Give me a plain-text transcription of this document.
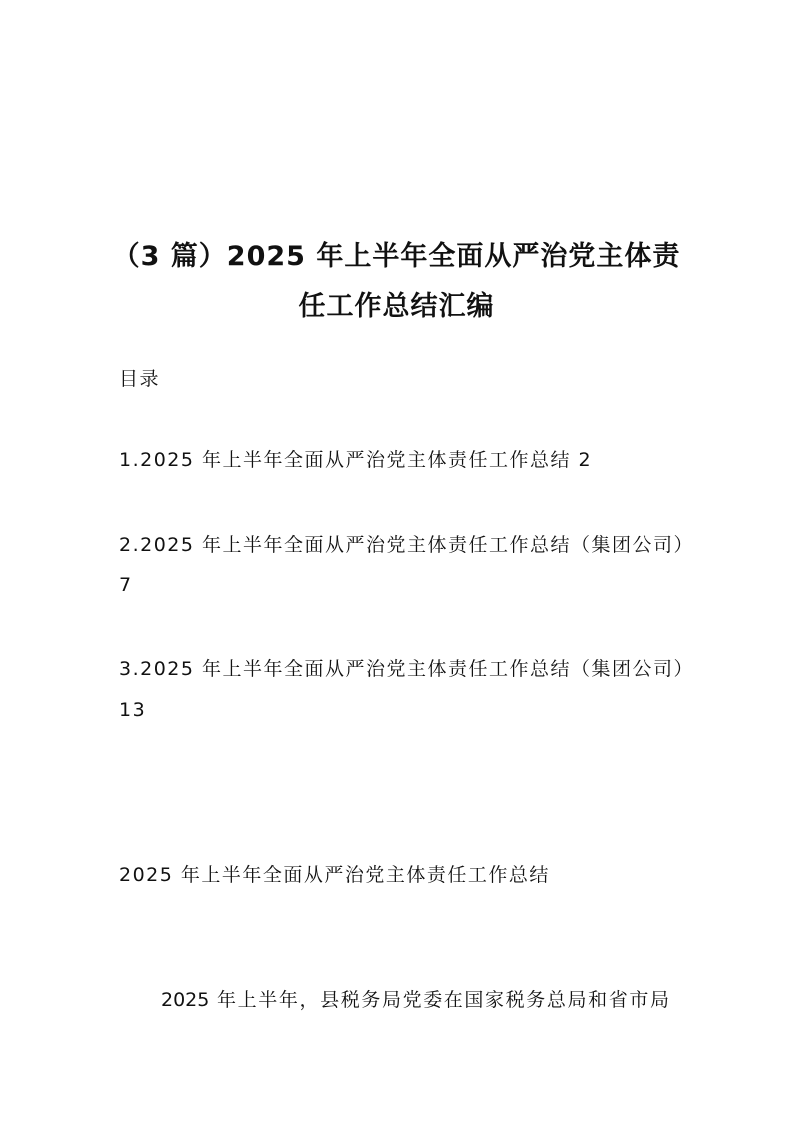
（3 篇）2025 年上半年全面从严治党主体责
任工作总结汇编
目录
1.2025 年上半年全面从严治党主体责任工作总结 2
2.2025 年上半年全面从严治党主体责任工作总结（集团公司）
7
3.2025 年上半年全面从严治党主体责任工作总结（集团公司）
13
2025 年上半年全面从严治党主体责任工作总结
2025 年上半年，县税务局党委在国家税务总局和省市局
